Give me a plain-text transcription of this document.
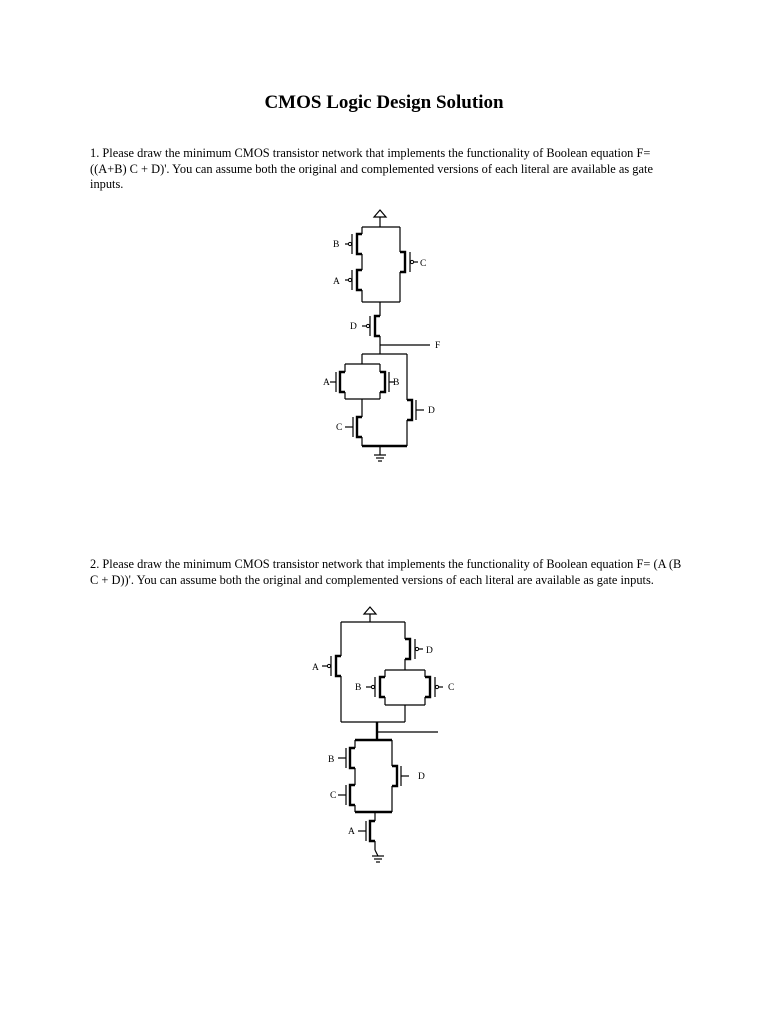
CMOS Logic Design Solution
1. Please draw the minimum CMOS transistor network that implements the functionality of Boolean equation F= ((A+B) C + D)'. You can assume both the original and complemented versions of each literal are available as gate inputs.
B
A
C
D
F
A	B
C
D
2. Please draw the minimum CMOS transistor network that implements the functionality of Boolean equation F= (A (B C + D))'. You can assume both the original and complemented versions of each literal are available as gate inputs.
A
D
B	C
B
C
D
A
